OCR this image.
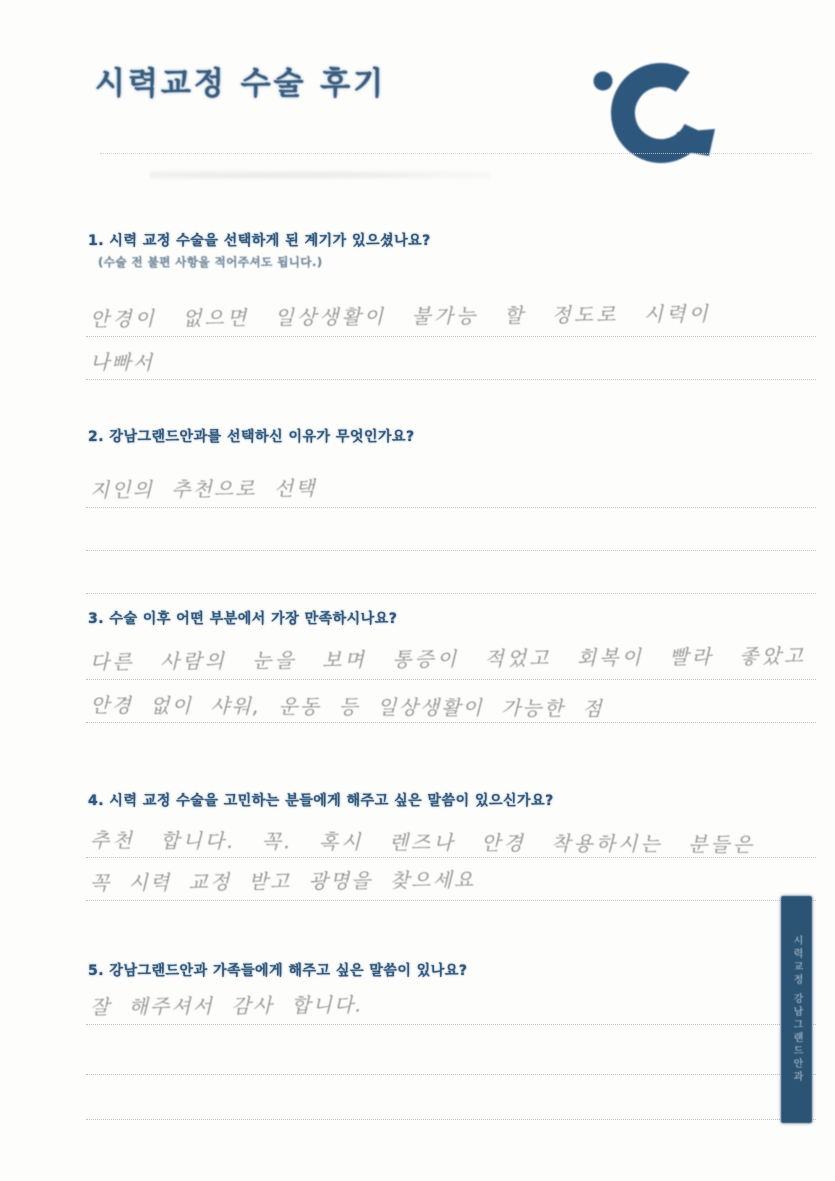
시력교정 수술 후기
1. 시력 교정 수술을 선택하게 된 계기가 있으셨나요?
(수술 전 불편 사항을 적어주셔도 됩니다.)
안경이 없으면 일상생활이 불가능 할 정도로 시력이
나빠서
2. 강남그랜드안과를 선택하신 이유가 무엇인가요?
지인의 추천으로 선택
3. 수술 이후 어떤 부분에서 가장 만족하시나요?
다른 사람의 눈을 보며 통증이 적었고 회복이 빨라 좋았고
안경 없이 샤워, 운동 등 일상생활이 가능한 점
4. 시력 교정 수술을 고민하는 분들에게 해주고 싶은 말씀이 있으신가요?
추천 합니다. 꼭. 혹시 렌즈나 안경 착용하시는 분들은
꼭 시력 교정 받고 광명을 찾으세요
5. 강남그랜드안과 가족들에게 해주고 싶은 말씀이 있나요?
잘 해주셔서 감사 합니다.	시력교정 강남그랜드안과
